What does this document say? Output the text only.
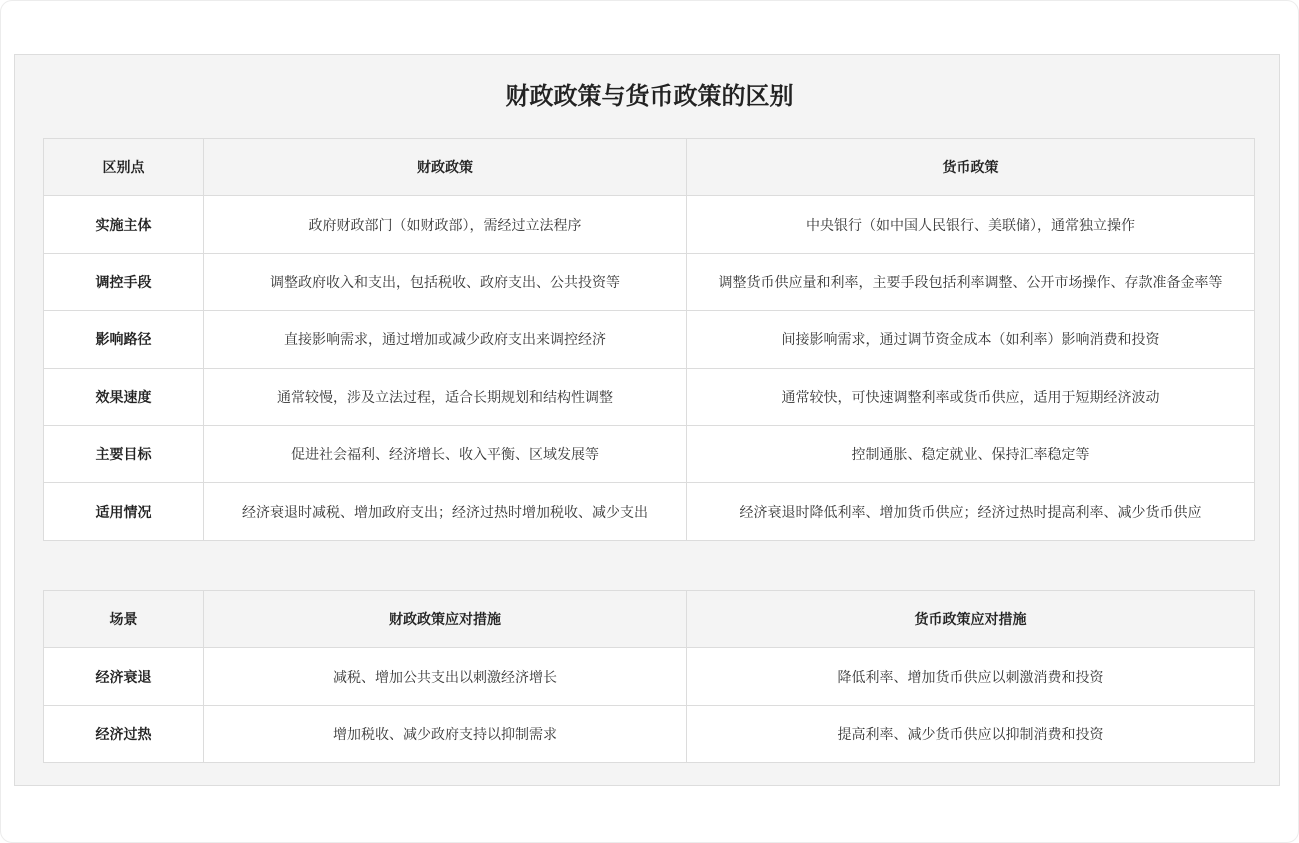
财政政策与货币政策的区别
区别点	财政政策	货币政策
实施主体	政府财政部门（如财政部），需经过立法程序	中央银行（如中国人民银行、美联储），通常独立操作
调控手段	调整政府收入和支出，包括税收、政府支出、公共投资等	调整货币供应量和利率，主要手段包括利率调整、公开市场操作、存款准备金率等
影响路径	直接影响需求，通过增加或减少政府支出来调控经济	间接影响需求，通过调节资金成本（如利率）影响消费和投资
效果速度	通常较慢，涉及立法过程，适合长期规划和结构性调整	通常较快，可快速调整利率或货币供应，适用于短期经济波动
主要目标	促进社会福利、经济增长、收入平衡、区域发展等	控制通胀、稳定就业、保持汇率稳定等
适用情况	经济衰退时减税、增加政府支出；经济过热时增加税收、减少支出	经济衰退时降低利率、增加货币供应；经济过热时提高利率、减少货币供应
场景	财政政策应对措施	货币政策应对措施
经济衰退	减税、增加公共支出以刺激经济增长	降低利率、增加货币供应以刺激消费和投资
经济过热	增加税收、减少政府支持以抑制需求	提高利率、减少货币供应以抑制消费和投资
